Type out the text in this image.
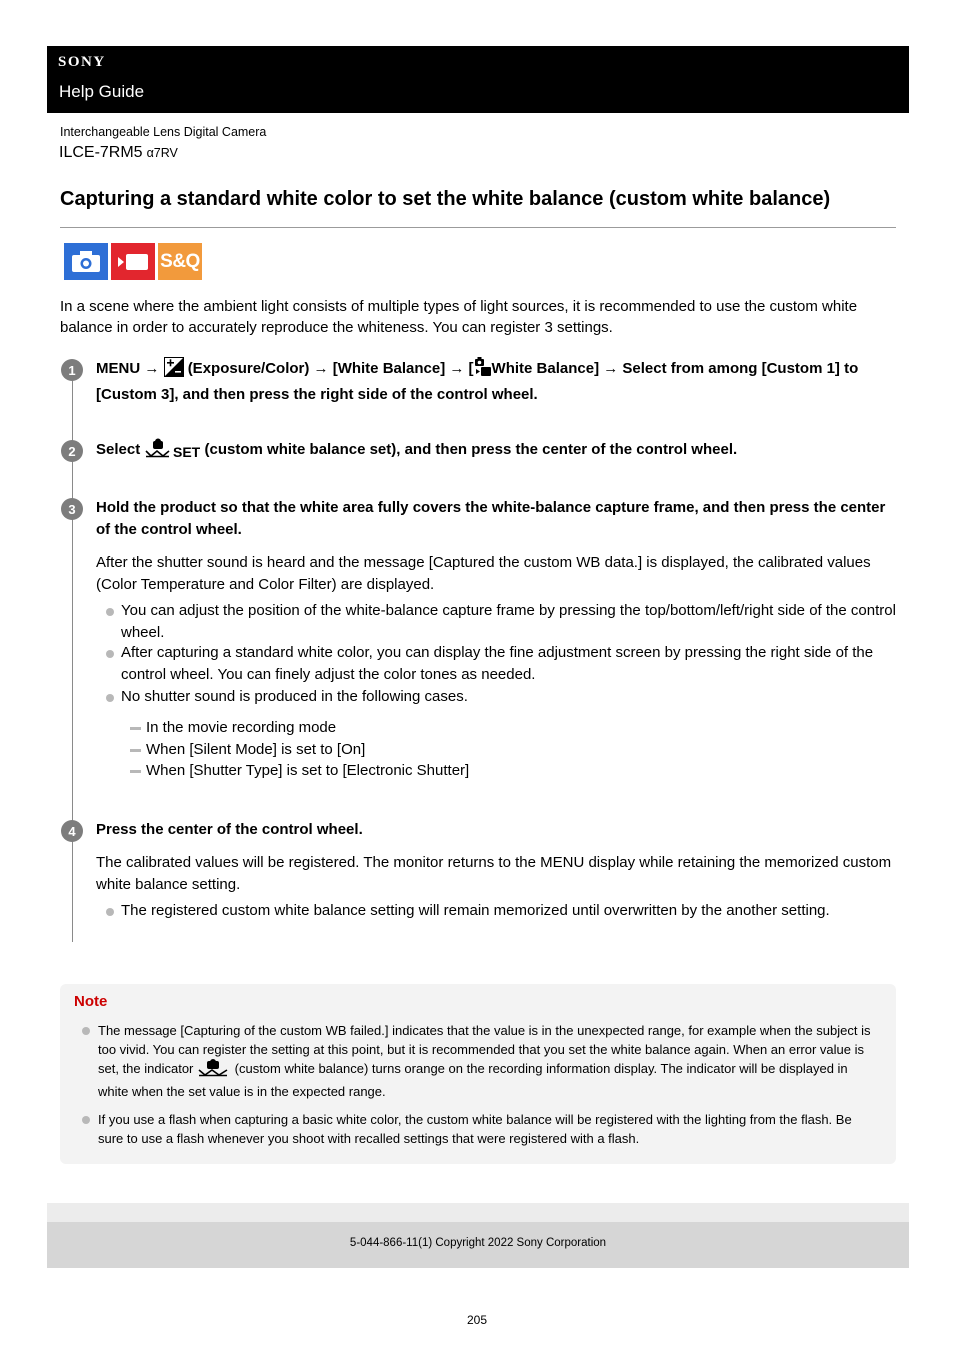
SONY
Help Guide
Interchangeable Lens Digital Camera
ILCE-7RM5 α7RV
Capturing a standard white color to set the white balance (custom white balance)
S&Q

In a scene where the ambient light consists of multiple types of light sources, it is recommended to use the custom white balance in order to accurately reproduce the whiteness. You can register 3 settings.

1	MENU → (Exposure/Color) → [White Balance] → [ White Balance] → Select from among [Custom 1] to [Custom 3], and then press the right side of the control wheel.

2	Select SET (custom white balance set), and then press the center of the control wheel.

3	Hold the product so that the white area fully covers the white-balance capture frame, and then press the center of the control wheel.

After the shutter sound is heard and the message [Captured the custom WB data.] is displayed, the calibrated values (Color Temperature and Color Filter) are displayed.

You can adjust the position of the white-balance capture frame by pressing the top/bottom/left/right side of the control wheel.
After capturing a standard white color, you can display the fine adjustment screen by pressing the right side of the control wheel. You can finely adjust the color tones as needed.
No shutter sound is produced in the following cases.
In the movie recording mode
When [Silent Mode] is set to [On]
When [Shutter Type] is set to [Electronic Shutter]
4	Press the center of the control wheel.

The calibrated values will be registered. The monitor returns to the MENU display while retaining the memorized custom white balance setting.

The registered custom white balance setting will remain memorized until overwritten by the another setting.
Note
The message [Capturing of the custom WB failed.] indicates that the value is in the unexpected range, for example when the subject is too vivid. You can register the setting at this point, but it is recommended that you set the white balance again. When an error value is set, the indicator	(custom white balance) turns orange on the recording information display. The indicator will be displayed in white when the set value is in the expected range.
If you use a flash when capturing a basic white color, the custom white balance will be registered with the lighting from the flash. Be sure to use a flash whenever you shoot with recalled settings that were registered with a flash.
5-044-866-11(1) Copyright 2022 Sony Corporation
205
